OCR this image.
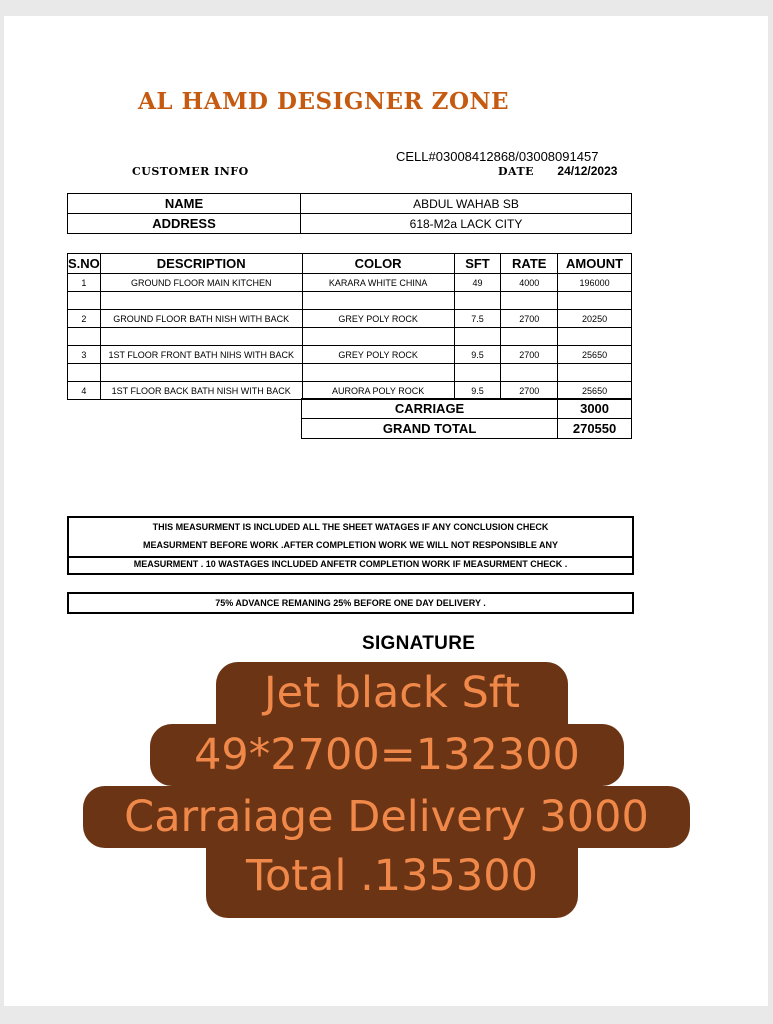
AL HAMD DESIGNER ZONE
CELL#03008412868/03008091457
CUSTOMER INFO	DATE 24/12/2023
NAME	ABDUL WAHAB SB
ADDRESS	618-M2a LACK CITY
S.NO	DESCRIPTION	COLOR	SFT	RATE	AMOUNT
1	GROUND FLOOR MAIN KITCHEN	KARARA WHITE CHINA	49	4000	196000

2	GROUND FLOOR BATH NISH WITH BACK	GREY POLY ROCK	7.5	2700	20250

3	1ST FLOOR FRONT BATH NIHS WITH BACK	GREY POLY ROCK	9.5	2700	25650

4	1ST FLOOR BACK BATH NISH WITH BACK	AURORA POLY ROCK	9.5	2700	25650
CARRIAGE	3000
GRAND TOTAL	270550
THIS MEASURMENT IS INCLUDED ALL THE SHEET WATAGES IF ANY CONCLUSION CHECK
MEASURMENT BEFORE WORK .AFTER COMPLETION WORK WE WILL NOT RESPONSIBLE ANY
MEASURMENT . 10 WASTAGES INCLUDED ANFETR COMPLETION WORK IF MEASURMENT CHECK .
75% ADVANCE REMANING 25% BEFORE ONE DAY DELIVERY .
SIGNATURE
Jet black Sft
49*2700=132300
Carraiage Delivery 3000
Total .135300
